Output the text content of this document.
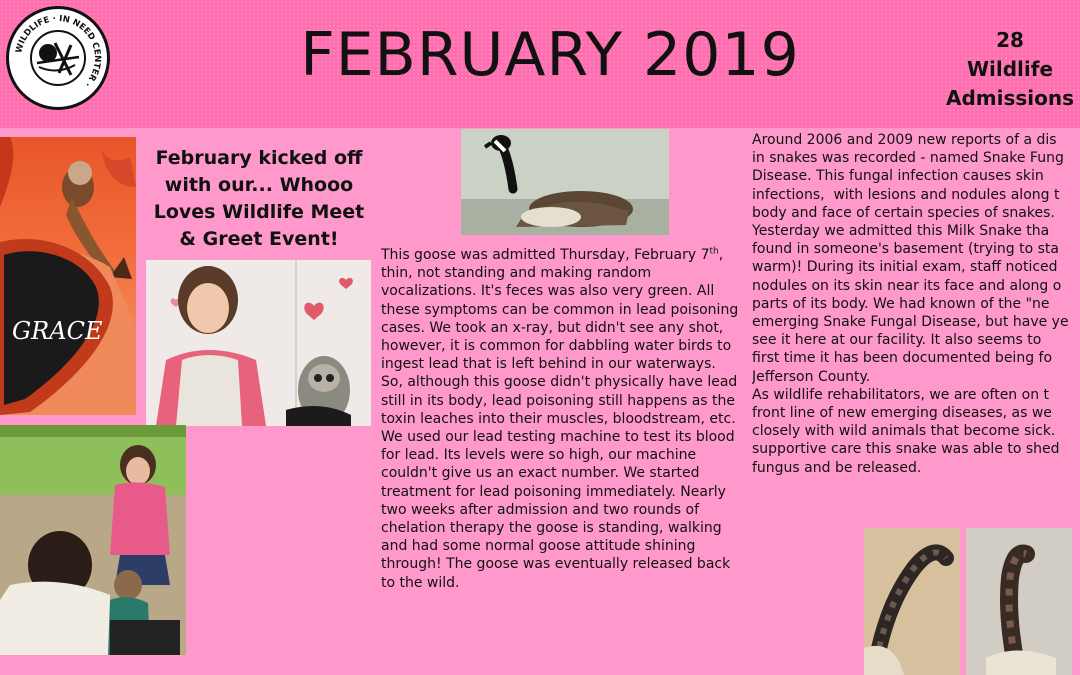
WILDLIFE · IN NEED CENTER ·	FEBRUARY 2019	28
Wildlife
Admissions
GRACE
February kicked off with our... Whooo Loves Wildlife Meet & Greet Event!
This goose was admitted Thursday, February 7th, thin, not standing and making random vocalizations. It's feces was also very green. All these symptoms can be common in lead poisoning cases. We took an x-ray, but didn't see any shot, however, it is common for dabbling water birds to ingest lead that is left behind in our waterways. So, although this goose didn't physically have lead still in its body, lead poisoning still happens as the toxin leaches into their muscles, bloodstream, etc. We used our lead testing machine to test its blood for lead. Its levels were so high, our machine couldn't give us an exact number. We started treatment for lead poisoning immediately. Nearly two weeks after admission and two rounds of chelation therapy the goose is standing, walking and had some normal goose attitude shining through! The goose was eventually released back to the wild.
Around 2006 and 2009 new reports of a dis
in snakes was recorded - named Snake Fung
Disease. This fungal infection causes skin
infections,  with lesions and nodules along t
body and face of certain species of snakes.
Yesterday we admitted this Milk Snake tha
found in someone's basement (trying to sta
warm)! During its initial exam, staff noticed
nodules on its skin near its face and along o
parts of its body. We had known of the "ne
emerging Snake Fungal Disease, but have ye
see it here at our facility. It also seems to
first time it has been documented being fo
Jefferson County.
As wildlife rehabilitators, we are often on t
front line of new emerging diseases, as we
closely with wild animals that become sick.
supportive care this snake was able to shed
fungus and be released.
